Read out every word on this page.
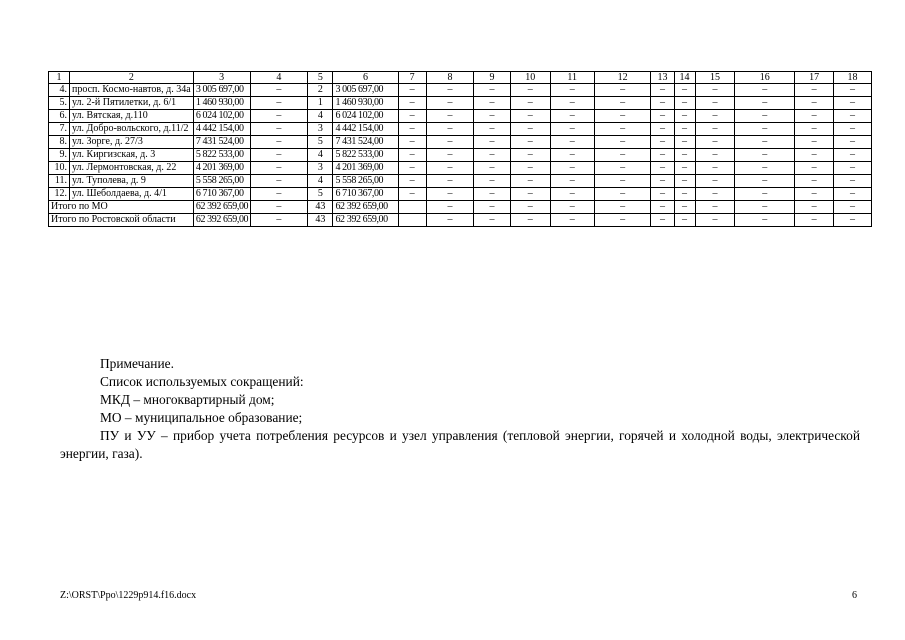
1	2	3	4	5	6	7	8	9	10	11	12	13	14	15	16	17	18
4.	просп. Космо-навтов, д. 34а	3 005 697,00	–	2	3 005 697,00	–	–	–	–	–	–	–	–	–	–	–	–
5.	ул. 2-й Пятилетки, д. 6/1	1 460 930,00	–	1	1 460 930,00	–	–	–	–	–	–	–	–	–	–	–	–
6.	ул. Вятская, д.110	6 024 102,00	–	4	6 024 102,00	–	–	–	–	–	–	–	–	–	–	–	–
7.	ул. Добро-вольского, д.11/2	4 442 154,00	–	3	4 442 154,00	–	–	–	–	–	–	–	–	–	–	–	–
8.	ул. Зорге, д. 27/3	7 431 524,00	–	5	7 431 524,00	–	–	–	–	–	–	–	–	–	–	–	–
9.	ул. Киргизская, д. 3	5 822 533,00	–	4	5 822 533,00	–	–	–	–	–	–	–	–	–	–	–	–
10.	ул. Лермонтовская, д. 22	4 201 369,00	–	3	4 201 369,00	–	–	–	–	–	–	–	–	–	–	–	–
11.	ул. Туполева, д. 9	5 558 265,00	–	4	5 558 265,00	–	–	–	–	–	–	–	–	–	–	–	–
12.	ул. Шеболдаева, д. 4/1	6 710 367,00	–	5	6 710 367,00	–	–	–	–	–	–	–	–	–	–	–	–
Итого по МО		62 392 659,00	–	43	62 392 659,00		–	–	–	–	–	–	–	–	–	–	–
Итого по Ростовской области		62 392 659,00	–	43	62 392 659,00		–	–	–	–	–	–	–	–	–	–	–

Примечание.

Список используемых сокращений:

МКД – многоквартирный дом;

МО – муниципальное образование;

ПУ и УУ – прибор учета потребления ресурсов и узел управления (тепловой энергии, горячей и холодной воды, электрической энергии, газа).

Z:\ORST\Ppo\1229p914.f16.docx	6
